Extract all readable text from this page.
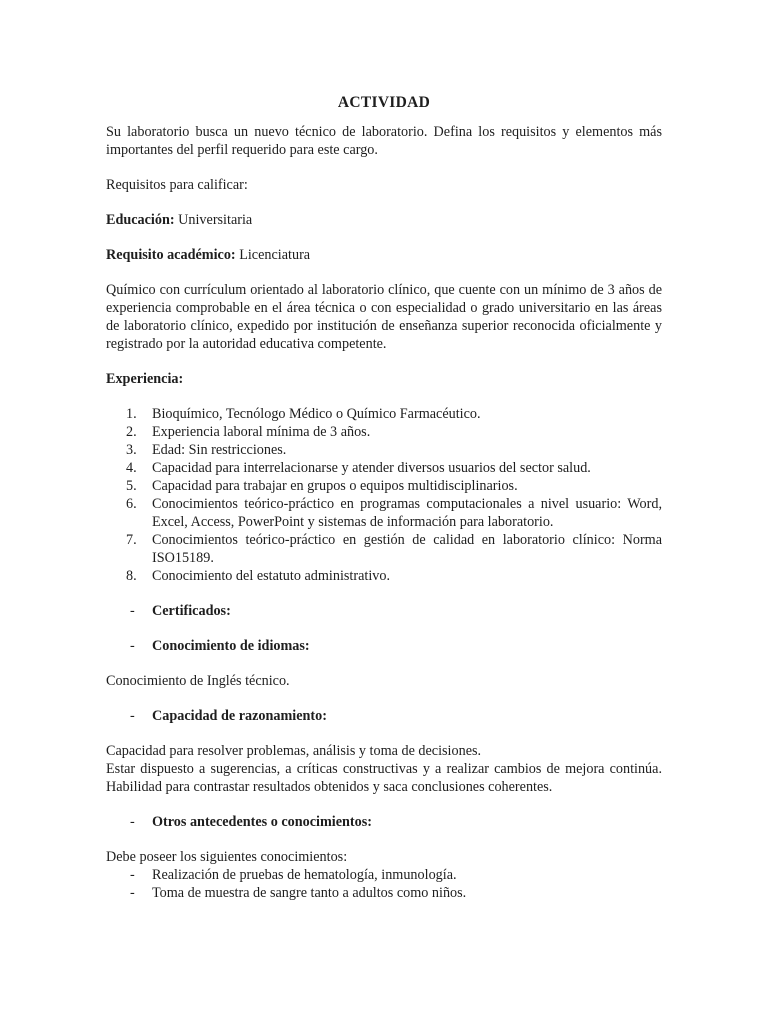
ACTIVIDAD

Su laboratorio busca un nuevo técnico de laboratorio. Defina los requisitos y elementos más importantes del perfil requerido para este cargo.

Requisitos para calificar:

Educación: Universitaria

Requisito académico: Licenciatura

Químico con currículum orientado al laboratorio clínico, que cuente con un mínimo de 3 años de experiencia comprobable en el área técnica o con especialidad o grado universitario en las áreas de laboratorio clínico, expedido por institución de enseñanza superior reconocida oficialmente y registrado por la autoridad educativa competente.

Experiencia:

1.	Bioquímico, Tecnólogo Médico o Químico Farmacéutico.
2.	Experiencia laboral mínima de 3 años.
3.	Edad: Sin restricciones.
4.	Capacidad para interrelacionarse y atender diversos usuarios del sector salud.
5.	Capacidad para trabajar en grupos o equipos multidisciplinarios.
6.	Conocimientos teórico-práctico en programas computacionales a nivel usuario: Word, Excel, Access, PowerPoint y sistemas de información para laboratorio.
7.	Conocimientos teórico-práctico en gestión de calidad en laboratorio clínico: Norma ISO15189.
8.	Conocimiento del estatuto administrativo.
-	Certificados:
-	Conocimiento de idiomas:

Conocimiento de Inglés técnico.

-	Capacidad de razonamiento:

Capacidad para resolver problemas, análisis y toma de decisiones.

Estar dispuesto a sugerencias, a críticas constructivas y a realizar cambios de mejora continúa. Habilidad para contrastar resultados obtenidos y saca conclusiones coherentes.

-	Otros antecedentes o conocimientos:

Debe poseer los siguientes conocimientos:

-	Realización de pruebas de hematología, inmunología.
-	Toma de muestra de sangre tanto a adultos como niños.
